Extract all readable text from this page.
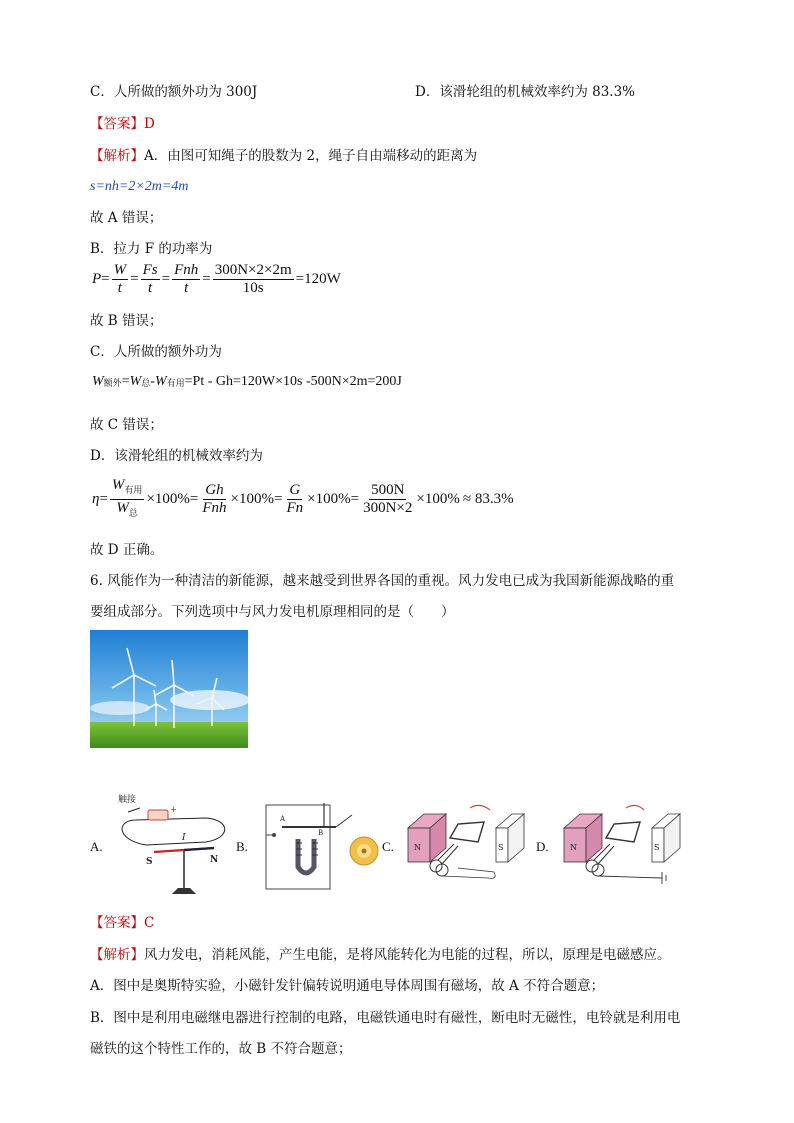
C．人所做的额外功为 300J	D．该滑轮组的机械效率约为 83.3%
【答案】D
【解析】A．由图可知绳子的股数为 2，绳子自由端移动的距离为
s=nh=2×2m=4m
故 A 错误；
B．拉力 F 的功率为
$P = \frac{W}{t} = \frac{Fs}{t} = \frac{\text{Fnh}}{t} = \frac{300N\times 2\times 2m}{10s} =120W$
故 B 错误；
C．人所做的额外功为
W 额外 = W 总 - W 有用 =Pt - Gh=120W×10s -500N×2m=200J
故 C 错误；
D．该滑轮组的机械效率约为
$\eta = \frac{W_{有用}}{W_总} \times 100\% = \frac{Gh}{\text{Fnh}} \times 100\% = \frac{G}{Fn} \times 100\% = \frac{500N}{300N\times 2} \times 100\% \approx 83.3\%$
故 D 正确。
6. 风能作为一种清洁的新能源，越来越受到世界各国的重视。风力发电已成为我国新能源战略的重
要组成部分。下列选项中与风力发电机原理相同的是（　　）
A.
触接
+
I
S	N
B.
A
B
C.	N	S	D.	N	S
【答案】C
【解析】风力发电，消耗风能，产生电能，是将风能转化为电能的过程，所以，原理是电磁感应。
A．图中是奥斯特实验，小磁针发针偏转说明通电导体周围有磁场，故 A 不符合题意；
B．图中是利用电磁继电器进行控制的电路，电磁铁通电时有磁性，断电时无磁性，电铃就是利用电
磁铁的这个特性工作的，故 B 不符合题意；
